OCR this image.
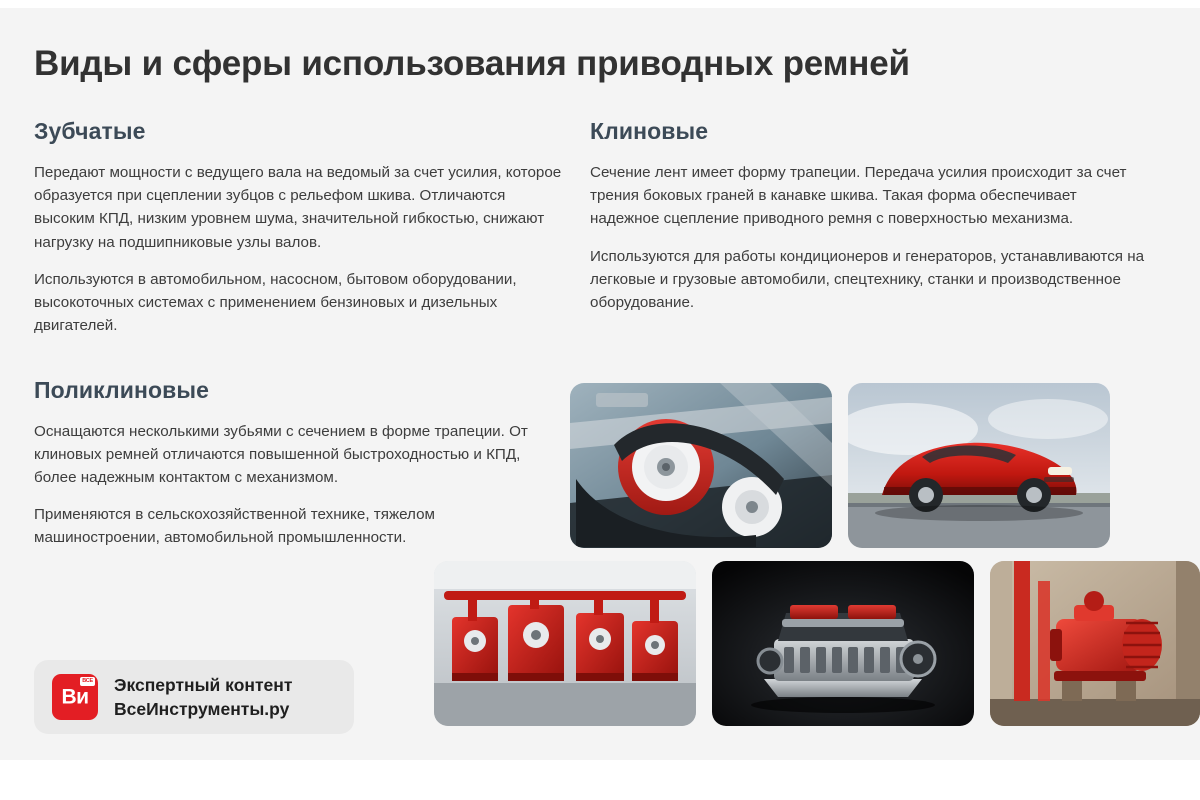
Виды и сферы использования приводных ремней
Зубчатые

Передают мощности с ведущего вала на ведомый за счет усилия, которое образуется при сцеплении зубцов с рельефом шкива. Отличаются высоким КПД, низким уровнем шума, значительной гибкостью, снижают нагрузку на подшипниковые узлы валов.

Используются в автомобильном, насосном, бытовом оборудовании, высокоточных системах с применением бензиновых и дизельных двигателей.

Поликлиновые

Оснащаются несколькими зубьями с сечением в форме трапеции. От клиновых ремней отличаются повышенной быстроходностью и КПД, более надежным контактом с механизмом.

Применяются в сельскохозяйственной технике, тяжелом машиностроении, автомобильной промышленности.

Клиновые

Сечение лент имеет форму трапеции. Передача усилия происходит за счет трения боковых граней в канавке шкива. Такая форма обеспечивает надежное сцепление приводного ремня с поверхностью механизма.

Используются для работы кондиционеров и генераторов, устанавливаются на легковые и грузовые автомобили, спецтехнику, станки и производственное оборудование.

ВСЕ
Ви
Экспертный контент
ВсеИнструменты.ру
